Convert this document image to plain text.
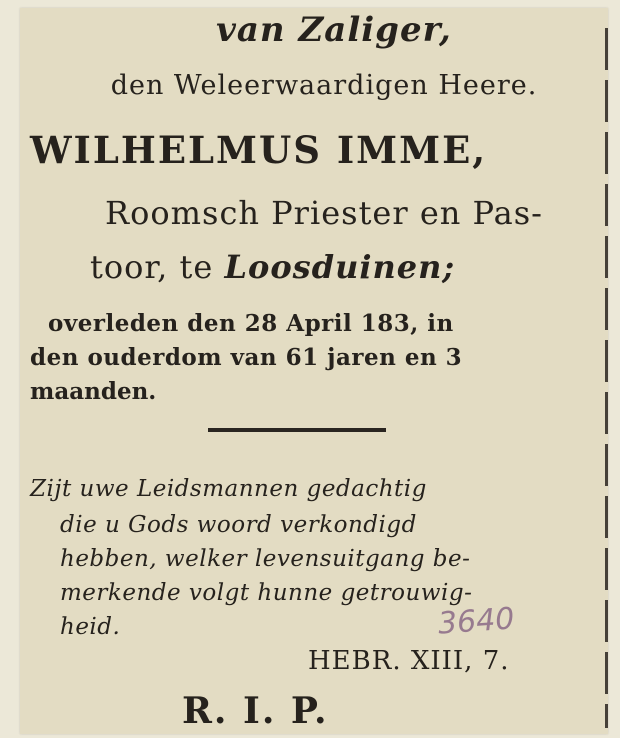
van Zaliger,
den Weleerwaardigen Heere.
WILHELMUS IMME,
Roomsch Priester en Pas-
toor, te Loosduinen;
overleden den 28 April 183, in
den ouderdom van 61 jaren en 3
maanden.
Zijt uwe Leidsmannen gedachtig
die u Gods woord verkondigd
hebben, welker levensuitgang be-
merkende volgt hunne getrouwig-
heid.	3640
HEBR. XIII, 7.
R. I. P.
